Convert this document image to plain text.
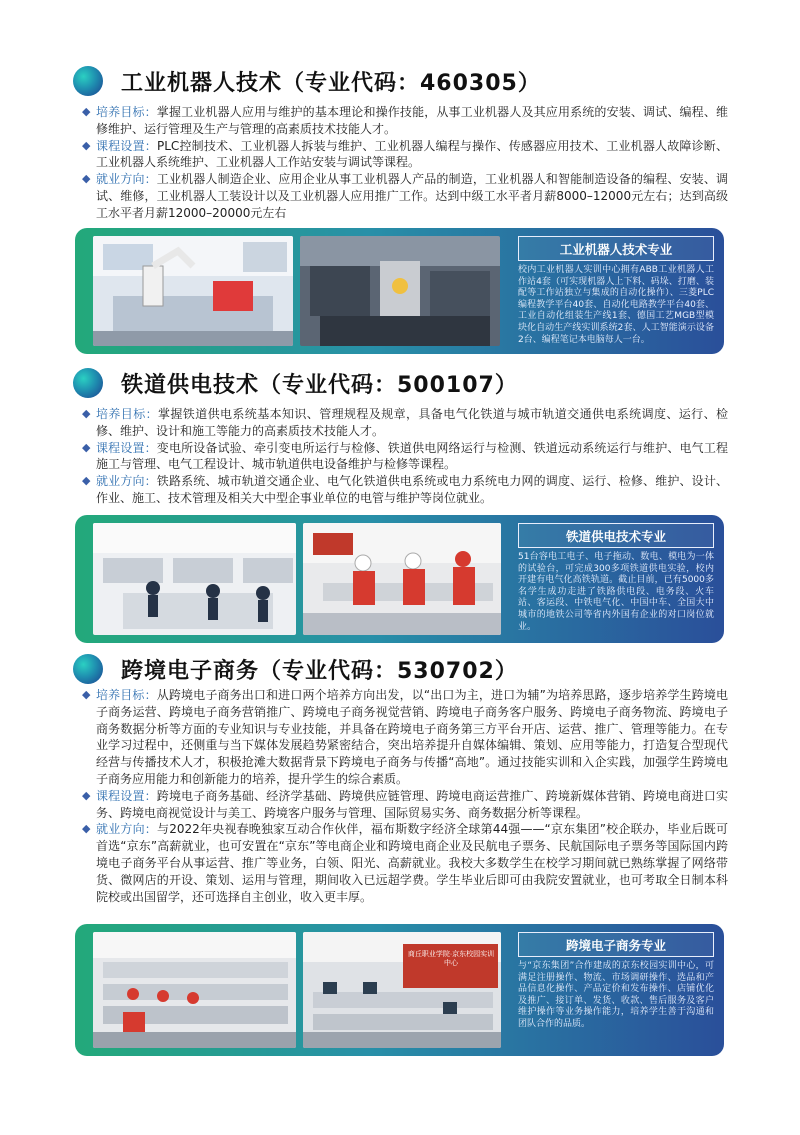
工业机器人技术（专业代码：460305）
◆ 培养目标：掌握工业机器人应用与维护的基本理论和操作技能，从事工业机器人及其应用系统的安装、调试、编程、维修维护、运行管理及生产与管理的高素质技术技能人才。
◆ 课程设置：PLC控制技术、工业机器人拆装与维护、工业机器人编程与操作、传感器应用技术、工业机器人故障诊断、工业机器人系统维护、工业机器人工作站安装与调试等课程。
◆ 就业方向：工业机器人制造企业、应用企业从事工业机器人产品的制造，工业机器人和智能制造设备的编程、安装、调试、维修，工业机器人工装设计以及工业机器人应用推广工作。达到中级工水平者月薪8000–12000元左右；达到高级工水平者月薪12000–20000元左右
工业机器人技术专业
校内工业机器人实训中心拥有ABB工业机器人工作站4套（可实现机器人上下料、码垛、打磨、装配等工作站独立与集成的自动化操作）、三菱PLC编程教学平台40套、自动化电路教学平台40套、工业自动化组装生产线1套、德国工艺MGB型模块化自动生产线实训系统2套、人工智能演示设备2台、编程笔记本电脑每人一台。
铁道供电技术（专业代码：500107）
◆ 培养目标：掌握铁道供电系统基本知识、管理规程及规章，具备电气化铁道与城市轨道交通供电系统调度、运行、检修、维护、设计和施工等能力的高素质技术技能人才。
◆ 课程设置：变电所设备试验、牵引变电所运行与检修、铁道供电网络运行与检测、铁道远动系统运行与维护、电气工程施工与管理、电气工程设计、城市轨道供电设备维护与检修等课程。
◆ 就业方向：铁路系统、城市轨道交通企业、电气化铁道供电系统或电力系统电力网的调度、运行、检修、维护、设计、作业、施工、技术管理及相关大中型企事业单位的电管与维护等岗位就业。
铁道供电技术专业
51台容电工电子、电子拖动、数电、模电为一体的试验台，可完成300多项铁道供电实验，校内开建有电气化高铁轨道。截止目前，已有5000多名学生成功走进了铁路供电段、电务段、火车站、客运段、中铁电气化、中国中车、全国大中城市的地铁公司等省内外国有企业的对口岗位就业。
跨境电子商务（专业代码：530702）
◆ 培养目标：从跨境电子商务出口和进口两个培养方向出发，以“出口为主，进口为辅”为培养思路，逐步培养学生跨境电子商务运营、跨境电子商务营销推广、跨境电子商务视觉营销、跨境电子商务客户服务、跨境电子商务物流、跨境电子商务数据分析等方面的专业知识与专业技能，并具备在跨境电子商务第三方平台开店、运营、推广、管理等能力。在专业学习过程中，还侧重与当下媒体发展趋势紧密结合，突出培养提升自媒体编辑、策划、应用等能力，打造复合型现代经营与传播技术人才，积极抢滩大数据背景下跨境电子商务与传播“高地”。通过技能实训和入企实践，加强学生跨境电子商务应用能力和创新能力的培养，提升学生的综合素质。
◆ 课程设置：跨境电子商务基础、经济学基础、跨境供应链管理、跨境电商运营推广、跨境新媒体营销、跨境电商进口实务、跨境电商视觉设计与美工、跨境客户服务与管理、国际贸易实务、商务数据分析等课程。
◆ 就业方向：与2022年央视春晚独家互动合作伙伴，福布斯数字经济全球第44强——“京东集团”校企联办，毕业后既可首选“京东”高薪就业，也可安置在“京东”等电商企业和跨境电商企业及民航电子票务、民航国际电子票务等国际国内跨境电子商务平台从事运营、推广等业务，白领、阳光、高薪就业。我校大多数学生在校学习期间就已熟练掌握了网络带货、微网店的开设、策划、运用与管理，期间收入已远超学费。学生毕业后即可由我院安置就业，也可考取全日制本科院校或出国留学，还可选择自主创业，收入更丰厚。
商丘职业学院·京东校园实训中心
跨境电子商务专业
与“京东集团”合作建成的京东校园实训中心，可满足注册操作、物流、市场调研操作、选品和产品信息化操作、产品定价和发布操作、店铺优化及推广、接订单、发货、收款、售后服务及客户维护操作等业务操作能力，培养学生善于沟通和团队合作的品质。
